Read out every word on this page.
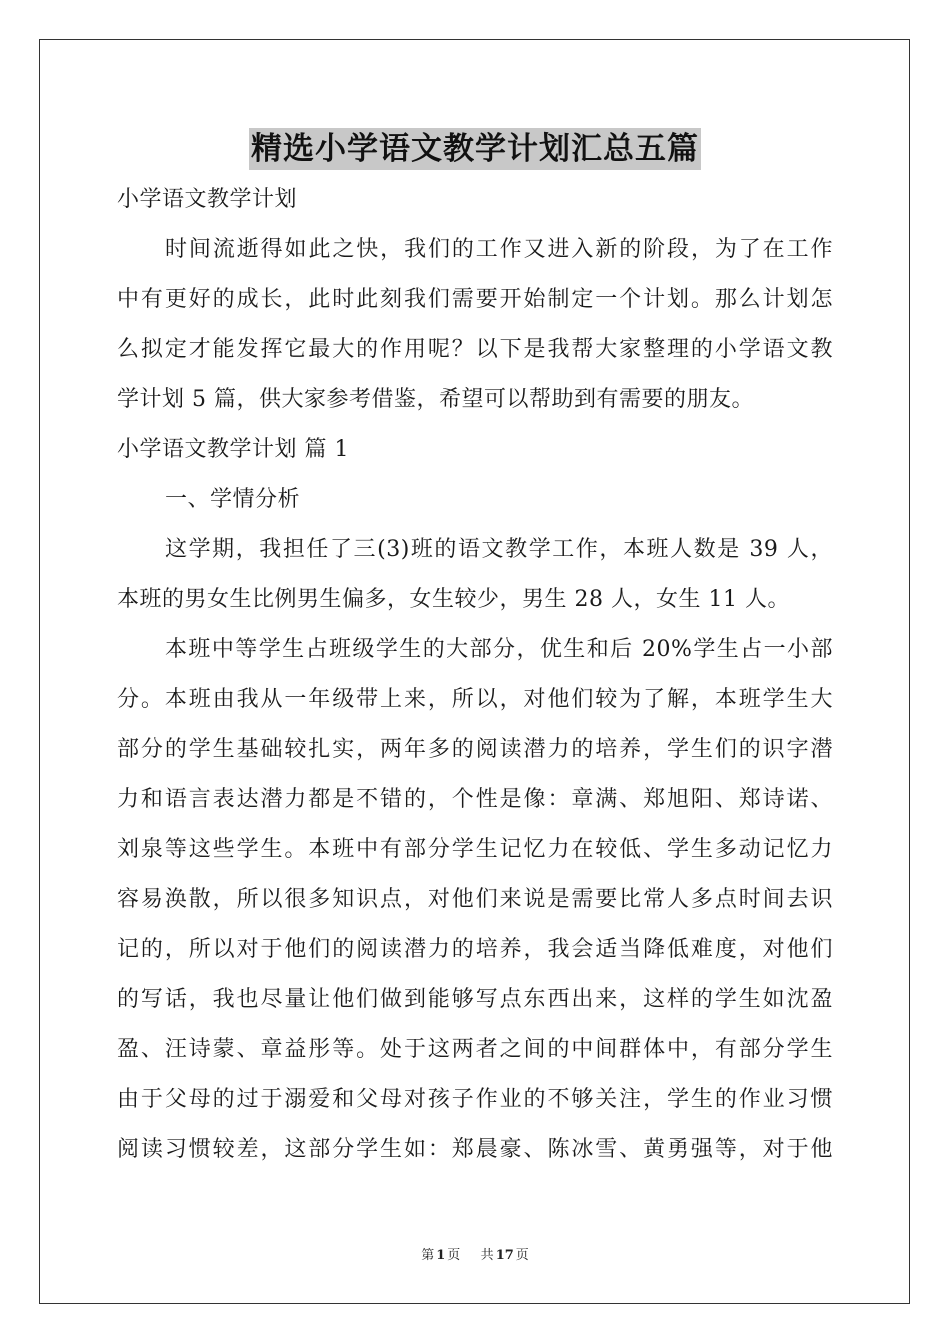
精选小学语文教学计划汇总五篇
小学语文教学计划
时间流逝得如此之快，我们的工作又进入新的阶段，为了在工作
中有更好的成长，此时此刻我们需要开始制定一个计划。那么计划怎
么拟定才能发挥它最大的作用呢？以下是我帮大家整理的小学语文教
学计划 5 篇，供大家参考借鉴，希望可以帮助到有需要的朋友。
小学语文教学计划 篇 1
一、学情分析
这学期，我担任了三(3)班的语文教学工作，本班人数是 39 人，
本班的男女生比例男生偏多，女生较少，男生 28 人，女生 11 人。
本班中等学生占班级学生的大部分，优生和后 20%学生占一小部
分。本班由我从一年级带上来，所以，对他们较为了解，本班学生大
部分的学生基础较扎实，两年多的阅读潜力的培养，学生们的识字潜
力和语言表达潜力都是不错的，个性是像：章满、郑旭阳、郑诗诺、
刘泉等这些学生。本班中有部分学生记忆力在较低、学生多动记忆力
容易涣散，所以很多知识点，对他们来说是需要比常人多点时间去识
记的，所以对于他们的阅读潜力的培养，我会适当降低难度，对他们
的写话，我也尽量让他们做到能够写点东西出来，这样的学生如沈盈
盈、汪诗蒙、章益彤等。处于这两者之间的中间群体中，有部分学生
由于父母的过于溺爱和父母对孩子作业的不够关注，学生的作业习惯
阅读习惯较差，这部分学生如：郑晨豪、陈冰雪、黄勇强等，对于他
第 1 页 共 17 页
